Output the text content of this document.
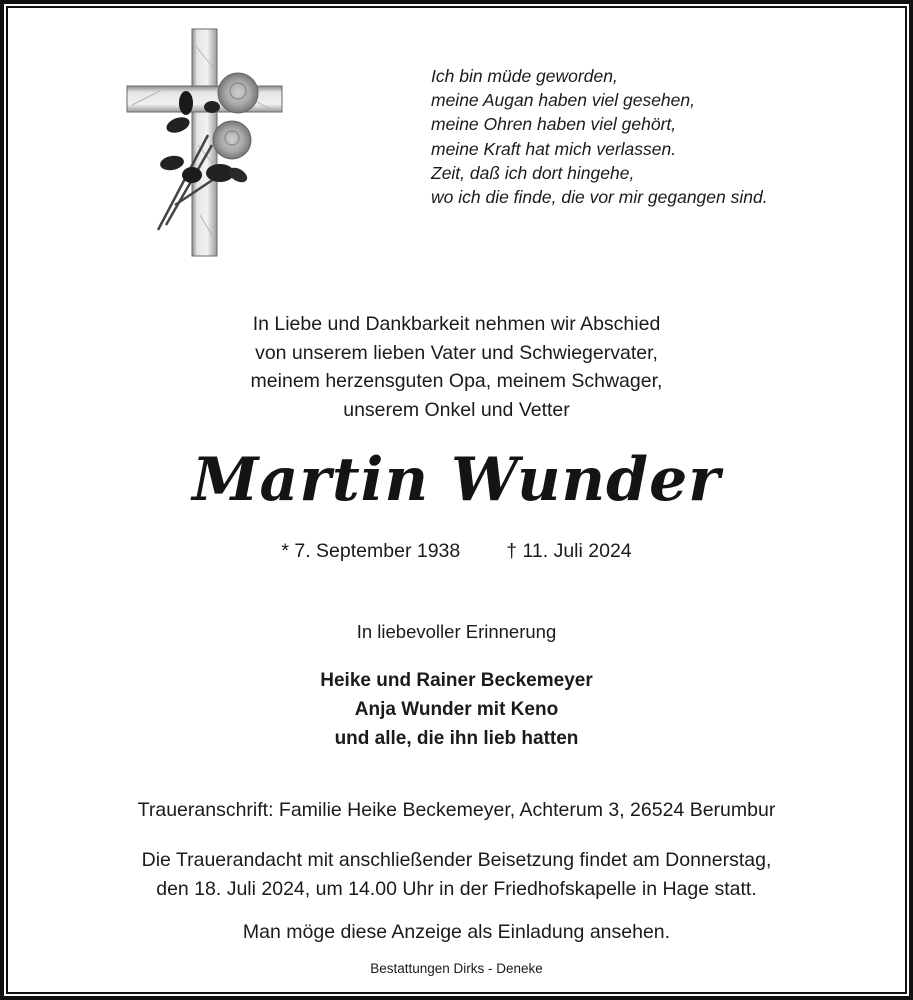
Ich bin müde geworden,
meine Augan haben viel gesehen,
meine Ohren haben viel gehört,
meine Kraft hat mich verlassen.
Zeit, daß ich dort hingehe,
wo ich die finde, die vor mir gegangen sind.
In Liebe und Dankbarkeit nehmen wir Abschied
von unserem lieben Vater und Schwiegervater,
meinem herzensguten Opa, meinem Schwager,
unserem Onkel und Vetter
Martin Wunder
* 7. September 1938 † 11. Juli 2024
In liebevoller Erinnerung
Heike und Rainer Beckemeyer
Anja Wunder mit Keno
und alle, die ihn lieb hatten
Traueranschrift: Familie Heike Beckemeyer, Achterum 3, 26524 Berumbur
Die Trauerandacht mit anschließender Beisetzung findet am Donnerstag,
den 18. Juli 2024, um 14.00 Uhr in der Friedhofskapelle in Hage statt.
Man möge diese Anzeige als Einladung ansehen.
Bestattungen Dirks - Deneke
